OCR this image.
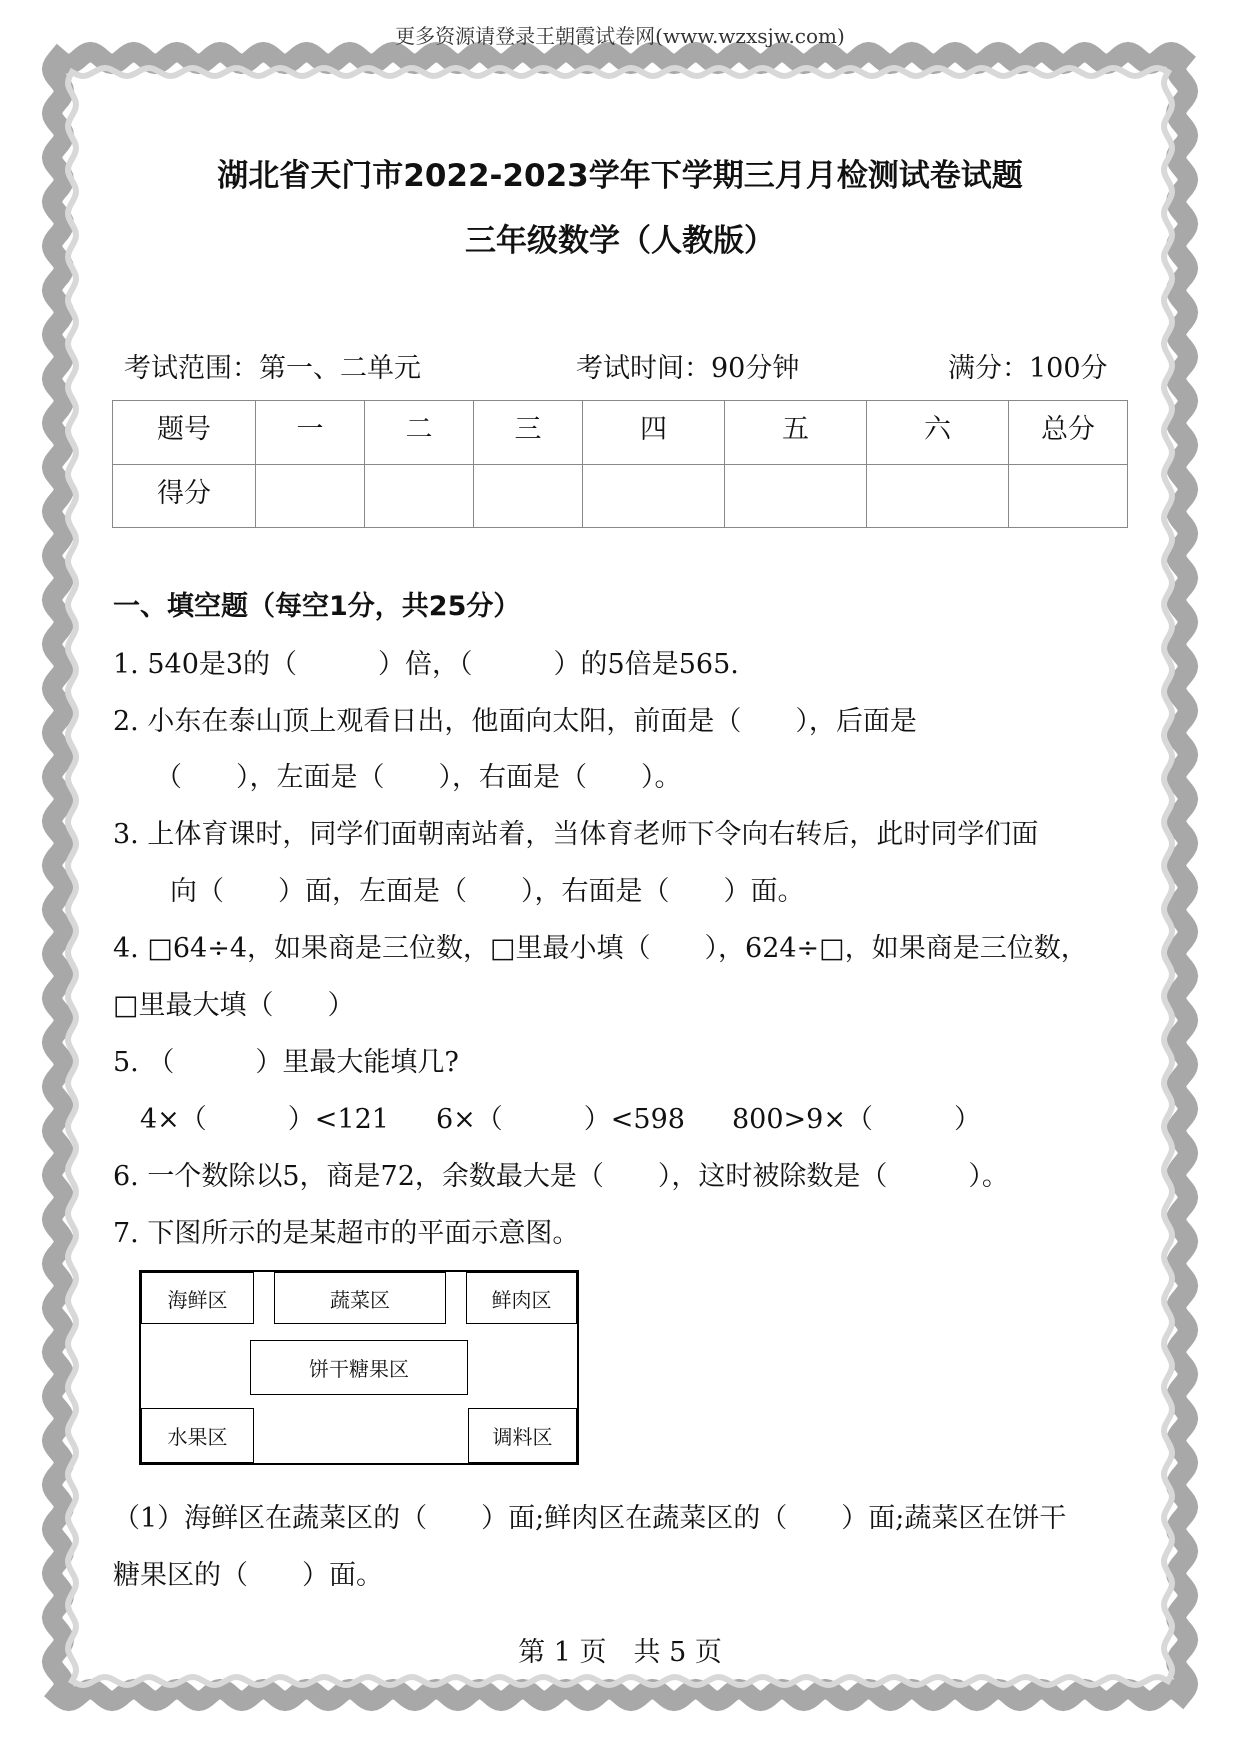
更多资源请登录王朝霞试卷网(www.wzxsjw.com)
湖北省天门市2022-2023学年下学期三月月检测试卷试题
三年级数学（人教版）
考试范围：第一、二单元	考试时间：90分钟	满分：100分
题号	一	二	三	四	五	六	总分
得分							
一、填空题（每空1分，共25分）
1. 540是3的（　　　）倍，（　　　）的5倍是565.
2. 小东在泰山顶上观看日出，他面向太阳，前面是（　　），后面是
（　　），左面是（　　），右面是（　　）。
3. 上体育课时，同学们面朝南站着，当体育老师下令向右转后，此时同学们面
向（　　）面，左面是（　　），右面是（　　）面。
4. □64÷4，如果商是三位数，□里最小填（　　），624÷□，如果商是三位数，
□里最大填（　　）
5. （　　　）里最大能填几?
4×（　　　）<121 6×（　　　）<598 800>9×（　　　）
6. 一个数除以5，商是72，余数最大是（　　），这时被除数是（　　　）。
7. 下图所示的是某超市的平面示意图。
海鲜区	蔬菜区	鲜肉区
饼干糖果区
水果区	调料区
（1）海鲜区在蔬菜区的（　　）面;鲜肉区在蔬菜区的（　　）面;蔬菜区在饼干
糖果区的（　　）面。
第 1 页　共 5 页
